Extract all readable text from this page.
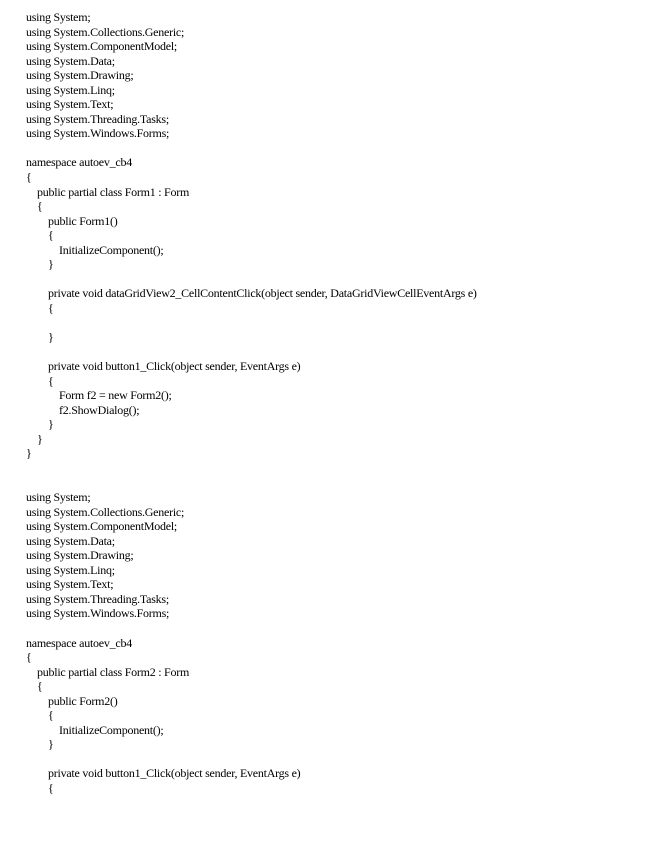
using System;
using System.Collections.Generic;
using System.ComponentModel;
using System.Data;
using System.Drawing;
using System.Linq;
using System.Text;
using System.Threading.Tasks;
using System.Windows.Forms;
namespace autoev_cb4
{
public partial class Form1 : Form
{
public Form1()
{
InitializeComponent();
}
private void dataGridView2_CellContentClick(object sender, DataGridViewCellEventArgs e)
{
}
private void button1_Click(object sender, EventArgs e)
{
Form f2 = new Form2();
f2.ShowDialog();
}
}
}
using System;
using System.Collections.Generic;
using System.ComponentModel;
using System.Data;
using System.Drawing;
using System.Linq;
using System.Text;
using System.Threading.Tasks;
using System.Windows.Forms;
namespace autoev_cb4
{
public partial class Form2 : Form
{
public Form2()
{
InitializeComponent();
}
private void button1_Click(object sender, EventArgs e)
{
